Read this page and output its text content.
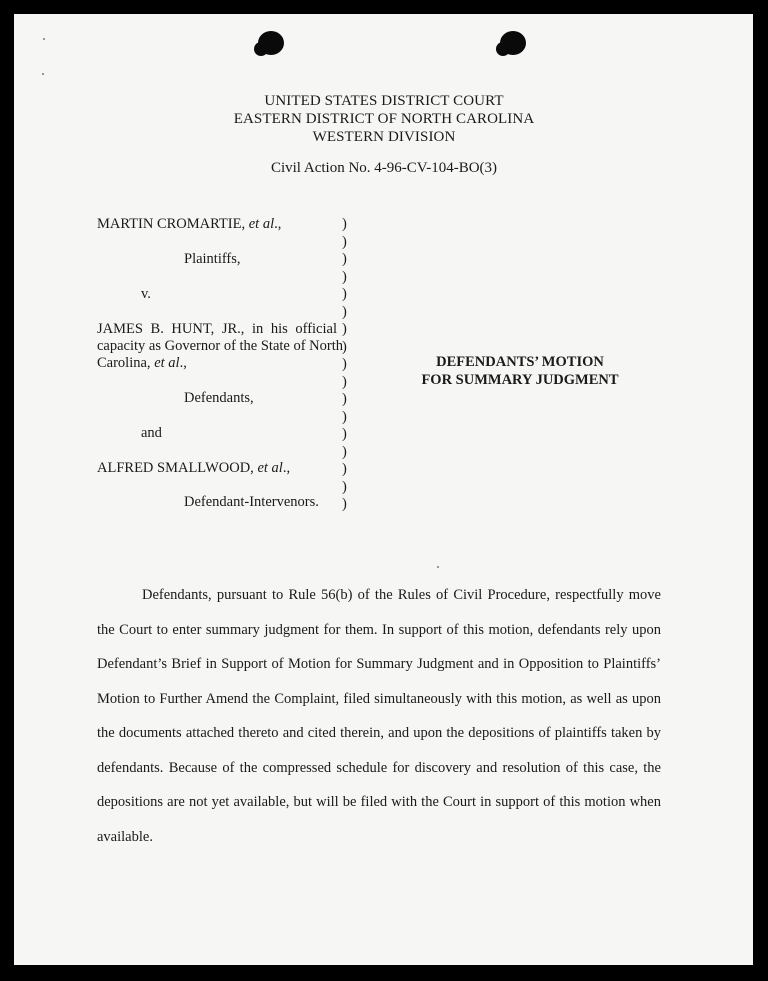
UNITED STATES DISTRICT COURT
EASTERN DISTRICT OF NORTH CAROLINA
WESTERN DIVISION
Civil Action No. 4-96-CV-104-BO(3)
MARTIN CROMARTIE, et al.,
Plaintiffs,
v.
JAMES B. HUNT, JR., in his official
capacity as Governor of the State of North
Carolina, et al.,
Defendants,
and
ALFRED SMALLWOOD, et al.,
Defendant-Intervenors.
)
)
)
)
)
)
)
)
)
)
)
)
)
)
)
)
)
DEFENDANTS’ MOTION
FOR SUMMARY JUDGMENT

Defendants, pursuant to Rule 56(b) of the Rules of Civil Procedure, respectfully move the Court to enter summary judgment for them. In support of this motion, defendants rely upon Defendant’s Brief in Support of Motion for Summary Judgment and in Opposition to Plaintiffs’ Motion to Further Amend the Complaint, filed simultaneously with this motion, as well as upon the documents attached thereto and cited therein, and upon the depositions of plaintiffs taken by defendants. Because of the compressed schedule for discovery and resolution of this case, the depositions are not yet available, but will be filed with the Court in support of this motion when available.
